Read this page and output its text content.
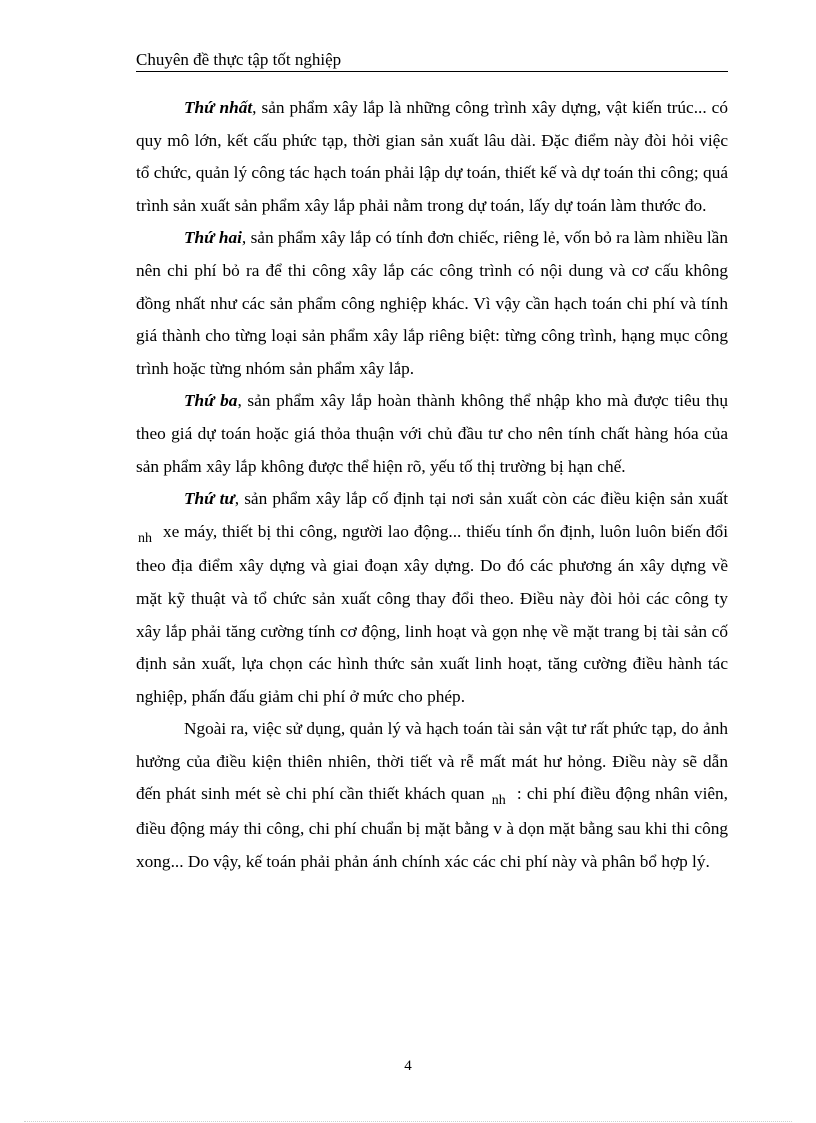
Chuyên đề thực tập tốt nghiệp

Thứ nhất, sản phẩm xây lắp là những công trình xây dựng, vật kiến trúc... có quy mô lớn, kết cấu phức tạp, thời gian sản xuất lâu dài. Đặc điểm này đòi hỏi việc tổ chức, quản lý công tác hạch toán phải lập dự toán, thiết kế và dự toán thi công; quá trình sản xuất sản phẩm xây lắp phải nằm trong dự toán, lấy dự toán làm thước đo.

Thứ hai, sản phẩm xây lắp có tính đơn chiếc, riêng lẻ, vốn bỏ ra làm nhiều lần nên chi phí bỏ ra để thi công xây lắp các công trình có nội dung và cơ cấu không đồng nhất như các sản phẩm công nghiệp khác. Vì vậy cần hạch toán chi phí và tính giá thành cho từng loại sản phẩm xây lắp riêng biệt: từng công trình, hạng mục công trình hoặc từng nhóm sản phẩm xây lắp.

Thứ ba, sản phẩm xây lắp hoàn thành không thể nhập kho mà được tiêu thụ theo giá dự toán hoặc giá thỏa thuận với chủ đầu tư cho nên tính chất hàng hóa của sản phẩm xây lắp không được thể hiện rõ, yếu tố thị trường bị hạn chế.

Thứ tư, sản phẩm xây lắp cố định tại nơi sản xuất còn các điều kiện sản xuất $_{nh}$ xe máy, thiết bị thi công, người lao động... thiếu tính ổn định, luôn luôn biến đổi theo địa điểm xây dựng và giai đoạn xây dựng. Do đó các phương án xây dựng về mặt kỹ thuật và tổ chức sản xuất công thay đổi theo. Điều này đòi hỏi các công ty xây lắp phải tăng cường tính cơ động, linh hoạt và gọn nhẹ về mặt trang bị tài sản cố định sản xuất, lựa chọn các hình thức sản xuất linh hoạt, tăng cường điều hành tác nghiệp, phấn đấu giảm chi phí ở mức cho phép.

Ngoài ra, việc sử dụng, quản lý và hạch toán tài sản vật tư rất phức tạp, do ảnh hưởng của điều kiện thiên nhiên, thời tiết và rễ mất mát hư hỏng. Điều này sẽ dẫn đến phát sinh mét sè chi phí cần thiết khách quan $_{nh}$ : chi phí điều động nhân viên, điều động máy thi công, chi phí chuẩn bị mặt bằng v à dọn mặt bằng sau khi thi công xong... Do vậy, kế toán phải phản ánh chính xác các chi phí này và phân bổ hợp lý.

4
